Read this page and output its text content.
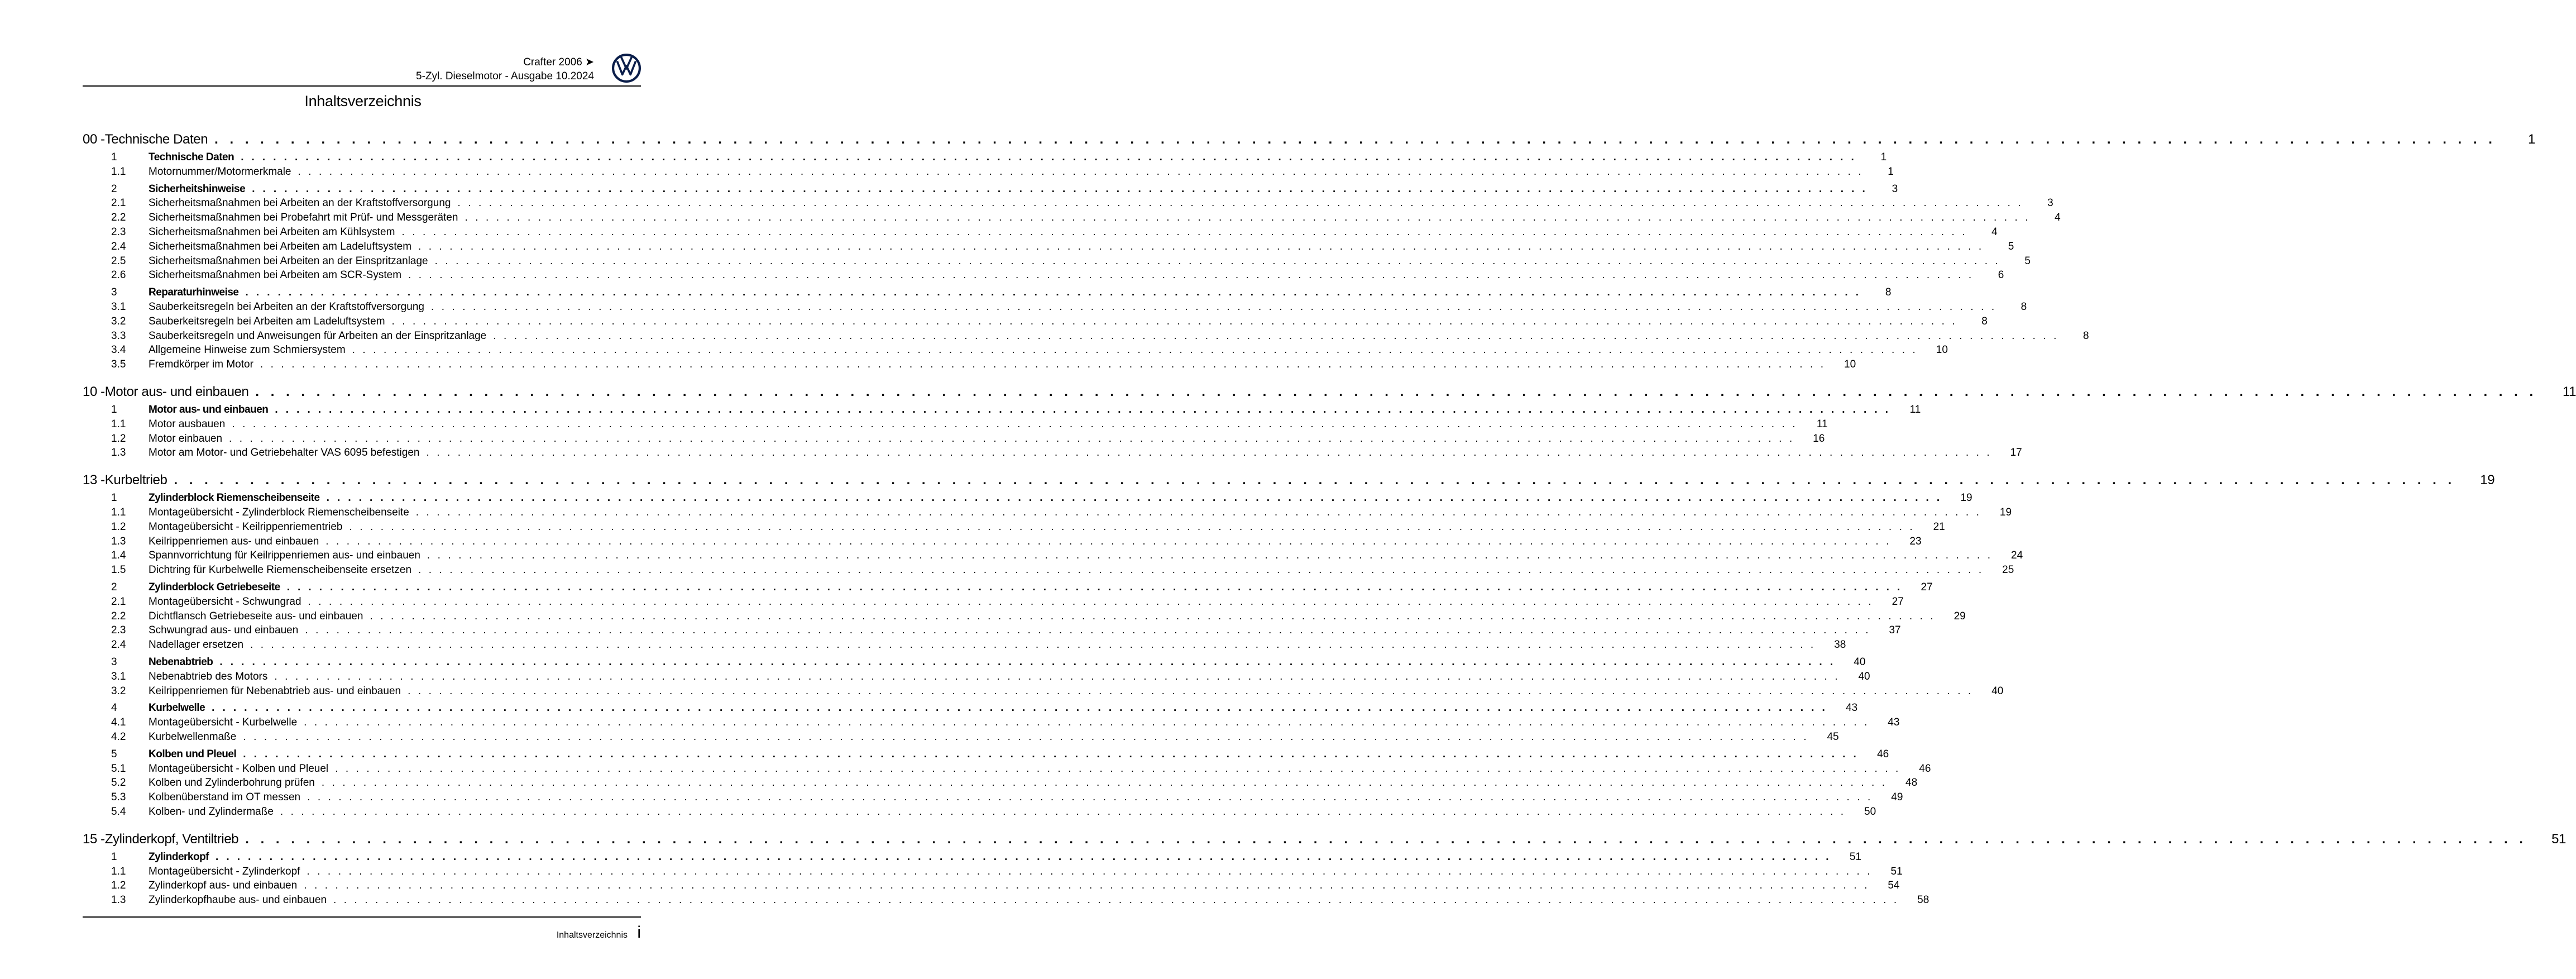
Crafter 2006 ➤
5-Zyl. Dieselmotor - Ausgabe 10.2024
Inhaltsverzeichnis
00 - Technische Daten . . . . . . . . . . . . . . . . . . . . . . . . . . . . . . . . . . . . . . . . . . . . . . . . . . . . . . . . . . . . . . . . . . . . . . . . . . . . . . . . . . . . . . . . . . . . . . . . . . . . . . . . . . . . . . . . . . . . . . . . . . . . . . . . . . . . . . . . . . . . . . . . . . . . . .	1
1	Technische Daten . . . . . . . . . . . . . . . . . . . . . . . . . . . . . . . . . . . . . . . . . . . . . . . . . . . . . . . . . . . . . . . . . . . . . . . . . . . . . . . . . . . . . . . . . . . . . . . . . . . . . . . . . . . . . . . . . . . . . . . . . . . . . . . . . . . . . . . . . . . . . . . . . . . . . .	1
1.1	Motornummer/Motormerkmale . . . . . . . . . . . . . . . . . . . . . . . . . . . . . . . . . . . . . . . . . . . . . . . . . . . . . . . . . . . . . . . . . . . . . . . . . . . . . . . . . . . . . . . . . . . . . . . . . . . . . . . . . . . . . . . . . . . . . . . . . . . . . . . . . . . . . . . . . . . . . . . . . . . . . .	1
2	Sicherheitshinweise . . . . . . . . . . . . . . . . . . . . . . . . . . . . . . . . . . . . . . . . . . . . . . . . . . . . . . . . . . . . . . . . . . . . . . . . . . . . . . . . . . . . . . . . . . . . . . . . . . . . . . . . . . . . . . . . . . . . . . . . . . . . . . . . . . . . . . . . . . . . . . . . . . . . . .	3
2.1	Sicherheitsmaßnahmen bei Arbeiten an der Kraftstoffversorgung . . . . . . . . . . . . . . . . . . . . . . . . . . . . . . . . . . . . . . . . . . . . . . . . . . . . . . . . . . . . . . . . . . . . . . . . . . . . . . . . . . . . . . . . . . . . . . . . . . . . . . . . . . . . . . . . . . . . . . . . . . . . . . . . . . . . . . . . . . . . . . . . . . . . . .	3
2.2	Sicherheitsmaßnahmen bei Probefahrt mit Prüf- und Messgeräten . . . . . . . . . . . . . . . . . . . . . . . . . . . . . . . . . . . . . . . . . . . . . . . . . . . . . . . . . . . . . . . . . . . . . . . . . . . . . . . . . . . . . . . . . . . . . . . . . . . . . . . . . . . . . . . . . . . . . . . . . . . . . . . . . . . . . . . . . . . . . . . . . . . . . .	4
2.3	Sicherheitsmaßnahmen bei Arbeiten am Kühlsystem . . . . . . . . . . . . . . . . . . . . . . . . . . . . . . . . . . . . . . . . . . . . . . . . . . . . . . . . . . . . . . . . . . . . . . . . . . . . . . . . . . . . . . . . . . . . . . . . . . . . . . . . . . . . . . . . . . . . . . . . . . . . . . . . . . . . . . . . . . . . . . . . . . . . . .	4
2.4	Sicherheitsmaßnahmen bei Arbeiten am Ladeluftsystem . . . . . . . . . . . . . . . . . . . . . . . . . . . . . . . . . . . . . . . . . . . . . . . . . . . . . . . . . . . . . . . . . . . . . . . . . . . . . . . . . . . . . . . . . . . . . . . . . . . . . . . . . . . . . . . . . . . . . . . . . . . . . . . . . . . . . . . . . . . . . . . . . . . . . .	5
2.5	Sicherheitsmaßnahmen bei Arbeiten an der Einspritzanlage . . . . . . . . . . . . . . . . . . . . . . . . . . . . . . . . . . . . . . . . . . . . . . . . . . . . . . . . . . . . . . . . . . . . . . . . . . . . . . . . . . . . . . . . . . . . . . . . . . . . . . . . . . . . . . . . . . . . . . . . . . . . . . . . . . . . . . . . . . . . . . . . . . . . . .	5
2.6	Sicherheitsmaßnahmen bei Arbeiten am SCR-System . . . . . . . . . . . . . . . . . . . . . . . . . . . . . . . . . . . . . . . . . . . . . . . . . . . . . . . . . . . . . . . . . . . . . . . . . . . . . . . . . . . . . . . . . . . . . . . . . . . . . . . . . . . . . . . . . . . . . . . . . . . . . . . . . . . . . . . . . . . . . . . . . . . . . .	6
3	Reparaturhinweise . . . . . . . . . . . . . . . . . . . . . . . . . . . . . . . . . . . . . . . . . . . . . . . . . . . . . . . . . . . . . . . . . . . . . . . . . . . . . . . . . . . . . . . . . . . . . . . . . . . . . . . . . . . . . . . . . . . . . . . . . . . . . . . . . . . . . . . . . . . . . . . . . . . . . .	8
3.1	Sauberkeitsregeln bei Arbeiten an der Kraftstoffversorgung . . . . . . . . . . . . . . . . . . . . . . . . . . . . . . . . . . . . . . . . . . . . . . . . . . . . . . . . . . . . . . . . . . . . . . . . . . . . . . . . . . . . . . . . . . . . . . . . . . . . . . . . . . . . . . . . . . . . . . . . . . . . . . . . . . . . . . . . . . . . . . . . . . . . . .	8
3.2	Sauberkeitsregeln bei Arbeiten am Ladeluftsystem . . . . . . . . . . . . . . . . . . . . . . . . . . . . . . . . . . . . . . . . . . . . . . . . . . . . . . . . . . . . . . . . . . . . . . . . . . . . . . . . . . . . . . . . . . . . . . . . . . . . . . . . . . . . . . . . . . . . . . . . . . . . . . . . . . . . . . . . . . . . . . . . . . . . . .	8
3.3	Sauberkeitsregeln und Anweisungen für Arbeiten an der Einspritzanlage . . . . . . . . . . . . . . . . . . . . . . . . . . . . . . . . . . . . . . . . . . . . . . . . . . . . . . . . . . . . . . . . . . . . . . . . . . . . . . . . . . . . . . . . . . . . . . . . . . . . . . . . . . . . . . . . . . . . . . . . . . . . . . . . . . . . . . . . . . . . . . . . . . . . . .	8
3.4	Allgemeine Hinweise zum Schmiersystem . . . . . . . . . . . . . . . . . . . . . . . . . . . . . . . . . . . . . . . . . . . . . . . . . . . . . . . . . . . . . . . . . . . . . . . . . . . . . . . . . . . . . . . . . . . . . . . . . . . . . . . . . . . . . . . . . . . . . . . . . . . . . . . . . . . . . . . . . . . . . . . . . . . . . .	10
3.5	Fremdkörper im Motor . . . . . . . . . . . . . . . . . . . . . . . . . . . . . . . . . . . . . . . . . . . . . . . . . . . . . . . . . . . . . . . . . . . . . . . . . . . . . . . . . . . . . . . . . . . . . . . . . . . . . . . . . . . . . . . . . . . . . . . . . . . . . . . . . . . . . . . . . . . . . . . . . . . . . .	10
10 - Motor aus- und einbauen . . . . . . . . . . . . . . . . . . . . . . . . . . . . . . . . . . . . . . . . . . . . . . . . . . . . . . . . . . . . . . . . . . . . . . . . . . . . . . . . . . . . . . . . . . . . . . . . . . . . . . . . . . . . . . . . . . . . . . . . . . . . . . . . . . . . . . . . . . . . . . . . . . . . . . 11
1	Motor aus- und einbauen . . . . . . . . . . . . . . . . . . . . . . . . . . . . . . . . . . . . . . . . . . . . . . . . . . . . . . . . . . . . . . . . . . . . . . . . . . . . . . . . . . . . . . . . . . . . . . . . . . . . . . . . . . . . . . . . . . . . . . . . . . . . . . . . . . . . . . . . . . . . . . . . . . . . . .	11
1.1	Motor ausbauen . . . . . . . . . . . . . . . . . . . . . . . . . . . . . . . . . . . . . . . . . . . . . . . . . . . . . . . . . . . . . . . . . . . . . . . . . . . . . . . . . . . . . . . . . . . . . . . . . . . . . . . . . . . . . . . . . . . . . . . . . . . . . . . . . . . . . . . . . . . . . . . . . . . . . .	11
1.2	Motor einbauen . . . . . . . . . . . . . . . . . . . . . . . . . . . . . . . . . . . . . . . . . . . . . . . . . . . . . . . . . . . . . . . . . . . . . . . . . . . . . . . . . . . . . . . . . . . . . . . . . . . . . . . . . . . . . . . . . . . . . . . . . . . . . . . . . . . . . . . . . . . . . . . . . . . . . .	16
1.3	Motor am Motor- und Getriebehalter VAS 6095 befestigen . . . . . . . . . . . . . . . . . . . . . . . . . . . . . . . . . . . . . . . . . . . . . . . . . . . . . . . . . . . . . . . . . . . . . . . . . . . . . . . . . . . . . . . . . . . . . . . . . . . . . . . . . . . . . . . . . . . . . . . . . . . . . . . . . . . . . . . . . . . . . . . . . . . . . .	17
13 - Kurbeltrieb . . . . . . . . . . . . . . . . . . . . . . . . . . . . . . . . . . . . . . . . . . . . . . . . . . . . . . . . . . . . . . . . . . . . . . . . . . . . . . . . . . . . . . . . . . . . . . . . . . . . . . . . . . . . . . . . . . . . . . . . . . . . . . . . . . . . . . . . . . . . . . . . . . . . . . 19
1	Zylinderblock Riemenscheibenseite . . . . . . . . . . . . . . . . . . . . . . . . . . . . . . . . . . . . . . . . . . . . . . . . . . . . . . . . . . . . . . . . . . . . . . . . . . . . . . . . . . . . . . . . . . . . . . . . . . . . . . . . . . . . . . . . . . . . . . . . . . . . . . . . . . . . . . . . . . . . . . . . . . . . . .	19
1.1	Montageübersicht - Zylinderblock Riemenscheibenseite . . . . . . . . . . . . . . . . . . . . . . . . . . . . . . . . . . . . . . . . . . . . . . . . . . . . . . . . . . . . . . . . . . . . . . . . . . . . . . . . . . . . . . . . . . . . . . . . . . . . . . . . . . . . . . . . . . . . . . . . . . . . . . . . . . . . . . . . . . . . . . . . . . . . . .	19
1.2	Montageübersicht - Keilrippenriementrieb . . . . . . . . . . . . . . . . . . . . . . . . . . . . . . . . . . . . . . . . . . . . . . . . . . . . . . . . . . . . . . . . . . . . . . . . . . . . . . . . . . . . . . . . . . . . . . . . . . . . . . . . . . . . . . . . . . . . . . . . . . . . . . . . . . . . . . . . . . . . . . . . . . . . . .	21
1.3	Keilrippenriemen aus- und einbauen . . . . . . . . . . . . . . . . . . . . . . . . . . . . . . . . . . . . . . . . . . . . . . . . . . . . . . . . . . . . . . . . . . . . . . . . . . . . . . . . . . . . . . . . . . . . . . . . . . . . . . . . . . . . . . . . . . . . . . . . . . . . . . . . . . . . . . . . . . . . . . . . . . . . . .	23
1.4	Spannvorrichtung für Keilrippenriemen aus- und einbauen . . . . . . . . . . . . . . . . . . . . . . . . . . . . . . . . . . . . . . . . . . . . . . . . . . . . . . . . . . . . . . . . . . . . . . . . . . . . . . . . . . . . . . . . . . . . . . . . . . . . . . . . . . . . . . . . . . . . . . . . . . . . . . . . . . . . . . . . . . . . . . . . . . . . . .	24
1.5	Dichtring für Kurbelwelle Riemenscheibenseite ersetzen . . . . . . . . . . . . . . . . . . . . . . . . . . . . . . . . . . . . . . . . . . . . . . . . . . . . . . . . . . . . . . . . . . . . . . . . . . . . . . . . . . . . . . . . . . . . . . . . . . . . . . . . . . . . . . . . . . . . . . . . . . . . . . . . . . . . . . . . . . . . . . . . . . . . . .	25
2	Zylinderblock Getriebeseite . . . . . . . . . . . . . . . . . . . . . . . . . . . . . . . . . . . . . . . . . . . . . . . . . . . . . . . . . . . . . . . . . . . . . . . . . . . . . . . . . . . . . . . . . . . . . . . . . . . . . . . . . . . . . . . . . . . . . . . . . . . . . . . . . . . . . . . . . . . . . . . . . . . . . .	27
2.1	Montageübersicht - Schwungrad . . . . . . . . . . . . . . . . . . . . . . . . . . . . . . . . . . . . . . . . . . . . . . . . . . . . . . . . . . . . . . . . . . . . . . . . . . . . . . . . . . . . . . . . . . . . . . . . . . . . . . . . . . . . . . . . . . . . . . . . . . . . . . . . . . . . . . . . . . . . . . . . . . . . . .	27
2.2	Dichtflansch Getriebeseite aus- und einbauen . . . . . . . . . . . . . . . . . . . . . . . . . . . . . . . . . . . . . . . . . . . . . . . . . . . . . . . . . . . . . . . . . . . . . . . . . . . . . . . . . . . . . . . . . . . . . . . . . . . . . . . . . . . . . . . . . . . . . . . . . . . . . . . . . . . . . . . . . . . . . . . . . . . . . .	29
2.3	Schwungrad aus- und einbauen . . . . . . . . . . . . . . . . . . . . . . . . . . . . . . . . . . . . . . . . . . . . . . . . . . . . . . . . . . . . . . . . . . . . . . . . . . . . . . . . . . . . . . . . . . . . . . . . . . . . . . . . . . . . . . . . . . . . . . . . . . . . . . . . . . . . . . . . . . . . . . . . . . . . . .	37
2.4	Nadellager ersetzen . . . . . . . . . . . . . . . . . . . . . . . . . . . . . . . . . . . . . . . . . . . . . . . . . . . . . . . . . . . . . . . . . . . . . . . . . . . . . . . . . . . . . . . . . . . . . . . . . . . . . . . . . . . . . . . . . . . . . . . . . . . . . . . . . . . . . . . . . . . . . . . . . . . . . .	38
3	Nebenabtrieb . . . . . . . . . . . . . . . . . . . . . . . . . . . . . . . . . . . . . . . . . . . . . . . . . . . . . . . . . . . . . . . . . . . . . . . . . . . . . . . . . . . . . . . . . . . . . . . . . . . . . . . . . . . . . . . . . . . . . . . . . . . . . . . . . . . . . . . . . . . . . . . . . . . . . .	40
3.1	Nebenabtrieb des Motors . . . . . . . . . . . . . . . . . . . . . . . . . . . . . . . . . . . . . . . . . . . . . . . . . . . . . . . . . . . . . . . . . . . . . . . . . . . . . . . . . . . . . . . . . . . . . . . . . . . . . . . . . . . . . . . . . . . . . . . . . . . . . . . . . . . . . . . . . . . . . . . . . . . . . .	40
3.2	Keilrippenriemen für Nebenabtrieb aus- und einbauen . . . . . . . . . . . . . . . . . . . . . . . . . . . . . . . . . . . . . . . . . . . . . . . . . . . . . . . . . . . . . . . . . . . . . . . . . . . . . . . . . . . . . . . . . . . . . . . . . . . . . . . . . . . . . . . . . . . . . . . . . . . . . . . . . . . . . . . . . . . . . . . . . . . . . .	40
4	Kurbelwelle . . . . . . . . . . . . . . . . . . . . . . . . . . . . . . . . . . . . . . . . . . . . . . . . . . . . . . . . . . . . . . . . . . . . . . . . . . . . . . . . . . . . . . . . . . . . . . . . . . . . . . . . . . . . . . . . . . . . . . . . . . . . . . . . . . . . . . . . . . . . . . . . . . . . . .	43
4.1	Montageübersicht - Kurbelwelle . . . . . . . . . . . . . . . . . . . . . . . . . . . . . . . . . . . . . . . . . . . . . . . . . . . . . . . . . . . . . . . . . . . . . . . . . . . . . . . . . . . . . . . . . . . . . . . . . . . . . . . . . . . . . . . . . . . . . . . . . . . . . . . . . . . . . . . . . . . . . . . . . . . . . .	43
4.2	Kurbelwellenmaße . . . . . . . . . . . . . . . . . . . . . . . . . . . . . . . . . . . . . . . . . . . . . . . . . . . . . . . . . . . . . . . . . . . . . . . . . . . . . . . . . . . . . . . . . . . . . . . . . . . . . . . . . . . . . . . . . . . . . . . . . . . . . . . . . . . . . . . . . . . . . . . . . . . . . .	45
5	Kolben und Pleuel . . . . . . . . . . . . . . . . . . . . . . . . . . . . . . . . . . . . . . . . . . . . . . . . . . . . . . . . . . . . . . . . . . . . . . . . . . . . . . . . . . . . . . . . . . . . . . . . . . . . . . . . . . . . . . . . . . . . . . . . . . . . . . . . . . . . . . . . . . . . . . . . . . . . . .	46
5.1	Montageübersicht - Kolben und Pleuel . . . . . . . . . . . . . . . . . . . . . . . . . . . . . . . . . . . . . . . . . . . . . . . . . . . . . . . . . . . . . . . . . . . . . . . . . . . . . . . . . . . . . . . . . . . . . . . . . . . . . . . . . . . . . . . . . . . . . . . . . . . . . . . . . . . . . . . . . . . . . . . . . . . . . .	46
5.2	Kolben und Zylinderbohrung prüfen . . . . . . . . . . . . . . . . . . . . . . . . . . . . . . . . . . . . . . . . . . . . . . . . . . . . . . . . . . . . . . . . . . . . . . . . . . . . . . . . . . . . . . . . . . . . . . . . . . . . . . . . . . . . . . . . . . . . . . . . . . . . . . . . . . . . . . . . . . . . . . . . . . . . . .	48
5.3	Kolbenüberstand im OT messen . . . . . . . . . . . . . . . . . . . . . . . . . . . . . . . . . . . . . . . . . . . . . . . . . . . . . . . . . . . . . . . . . . . . . . . . . . . . . . . . . . . . . . . . . . . . . . . . . . . . . . . . . . . . . . . . . . . . . . . . . . . . . . . . . . . . . . . . . . . . . . . . . . . . . .	49
5.4	Kolben- und Zylindermaße . . . . . . . . . . . . . . . . . . . . . . . . . . . . . . . . . . . . . . . . . . . . . . . . . . . . . . . . . . . . . . . . . . . . . . . . . . . . . . . . . . . . . . . . . . . . . . . . . . . . . . . . . . . . . . . . . . . . . . . . . . . . . . . . . . . . . . . . . . . . . . . . . . . . . .	50
15 - Zylinderkopf, Ventiltrieb . . . . . . . . . . . . . . . . . . . . . . . . . . . . . . . . . . . . . . . . . . . . . . . . . . . . . . . . . . . . . . . . . . . . . . . . . . . . . . . . . . . . . . . . . . . . . . . . . . . . . . . . . . . . . . . . . . . . . . . . . . . . . . . . . . . . . . . . . . . . . . . . . . . . . . 51
1	Zylinderkopf . . . . . . . . . . . . . . . . . . . . . . . . . . . . . . . . . . . . . . . . . . . . . . . . . . . . . . . . . . . . . . . . . . . . . . . . . . . . . . . . . . . . . . . . . . . . . . . . . . . . . . . . . . . . . . . . . . . . . . . . . . . . . . . . . . . . . . . . . . . . . . . . . . . . . .	51
1.1	Montageübersicht - Zylinderkopf . . . . . . . . . . . . . . . . . . . . . . . . . . . . . . . . . . . . . . . . . . . . . . . . . . . . . . . . . . . . . . . . . . . . . . . . . . . . . . . . . . . . . . . . . . . . . . . . . . . . . . . . . . . . . . . . . . . . . . . . . . . . . . . . . . . . . . . . . . . . . . . . . . . . . .	51
1.2	Zylinderkopf aus- und einbauen . . . . . . . . . . . . . . . . . . . . . . . . . . . . . . . . . . . . . . . . . . . . . . . . . . . . . . . . . . . . . . . . . . . . . . . . . . . . . . . . . . . . . . . . . . . . . . . . . . . . . . . . . . . . . . . . . . . . . . . . . . . . . . . . . . . . . . . . . . . . . . . . . . . . . .	54
1.3	Zylinderkopfhaube aus- und einbauen . . . . . . . . . . . . . . . . . . . . . . . . . . . . . . . . . . . . . . . . . . . . . . . . . . . . . . . . . . . . . . . . . . . . . . . . . . . . . . . . . . . . . . . . . . . . . . . . . . . . . . . . . . . . . . . . . . . . . . . . . . . . . . . . . . . . . . . . . . . . . . . . . . . . . .	58
Inhaltsverzeichnis i
